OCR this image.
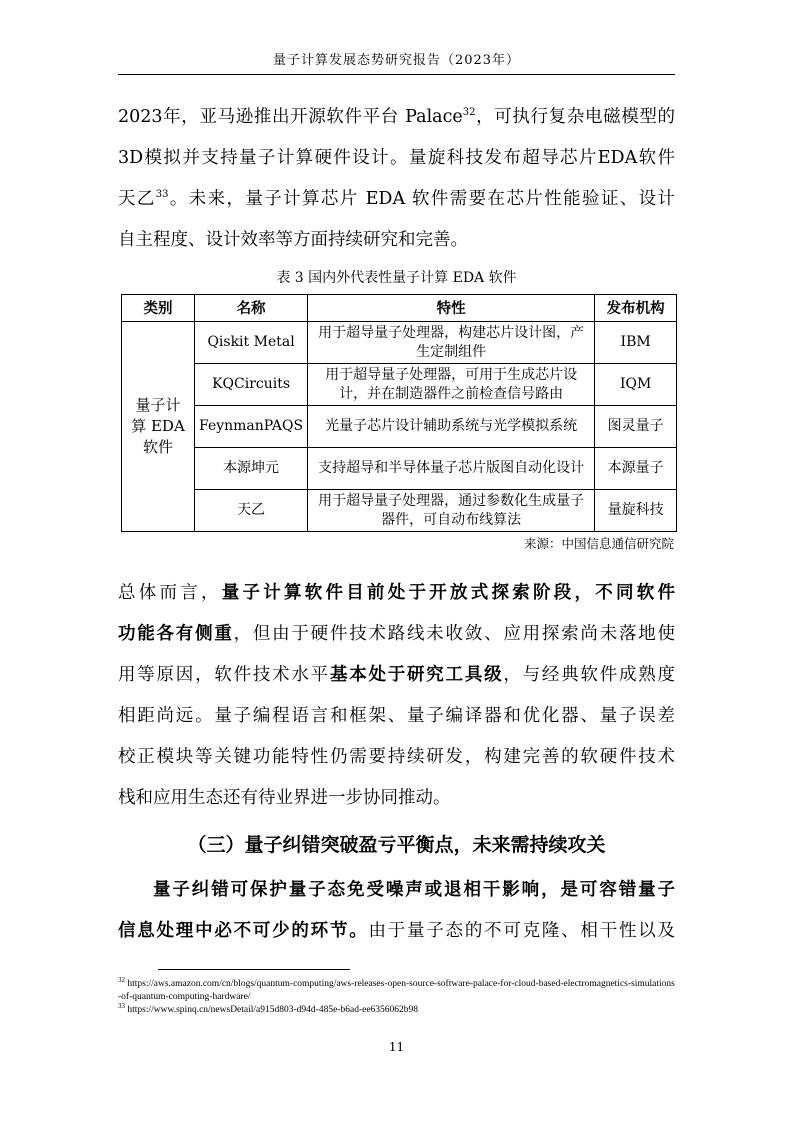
量子计算发展态势研究报告（2023年）
2023年，亚马逊推出开源软件平台 Palace$^{32}$，可执行复杂电磁模型的
3D模拟并支持量子计算硬件设计。量旋科技发布超导芯片EDA软件
天乙$^{33}$。未来，量子计算芯片 EDA 软件需要在芯片性能验证、设计
自主程度、设计效率等方面持续研究和完善。
表 3 国内外代表性量子计算 EDA 软件
类别	名称	特性	发布机构
量子计算 EDA 软件	Qiskit Metal	用于超导量子处理器，构建芯片设计图，产生定制组件	IBM
	KQCircuits	用于超导量子处理器，可用于生成芯片设计，并在制造器件之前检查信号路由	IQM
	FeynmanPAQS	光量子芯片设计辅助系统与光学模拟系统	图灵量子
	本源坤元	支持超导和半导体量子芯片版图自动化设计	本源量子
	天乙	用于超导量子处理器，通过参数化生成量子器件，可自动布线算法	量旋科技
来源：中国信息通信研究院
总体而言，量子计算软件目前处于开放式探索阶段，不同软件
功能各有侧重，但由于硬件技术路线未收敛、应用探索尚未落地使
用等原因，软件技术水平基本处于研究工具级，与经典软件成熟度
相距尚远。量子编程语言和框架、量子编译器和优化器、量子误差
校正模块等关键功能特性仍需要持续研发，构建完善的软硬件技术
栈和应用生态还有待业界进一步协同推动。
（三）量子纠错突破盈亏平衡点，未来需持续攻关
量子纠错可保护量子态免受噪声或退相干影响，是可容错量子
信息处理中必不可少的环节。由于量子态的不可克隆、相干性以及
$^{32}$ https://aws.amazon.com/cn/blogs/quantum-computing/aws-releases-open-source-software-palace-for-cloud-based-electromagnetics-simulations-of-quantum-computing-hardware/
$^{33}$ https://www.spinq.cn/newsDetail/a915d803-d94d-485e-b6ad-ee6356062b98
11
